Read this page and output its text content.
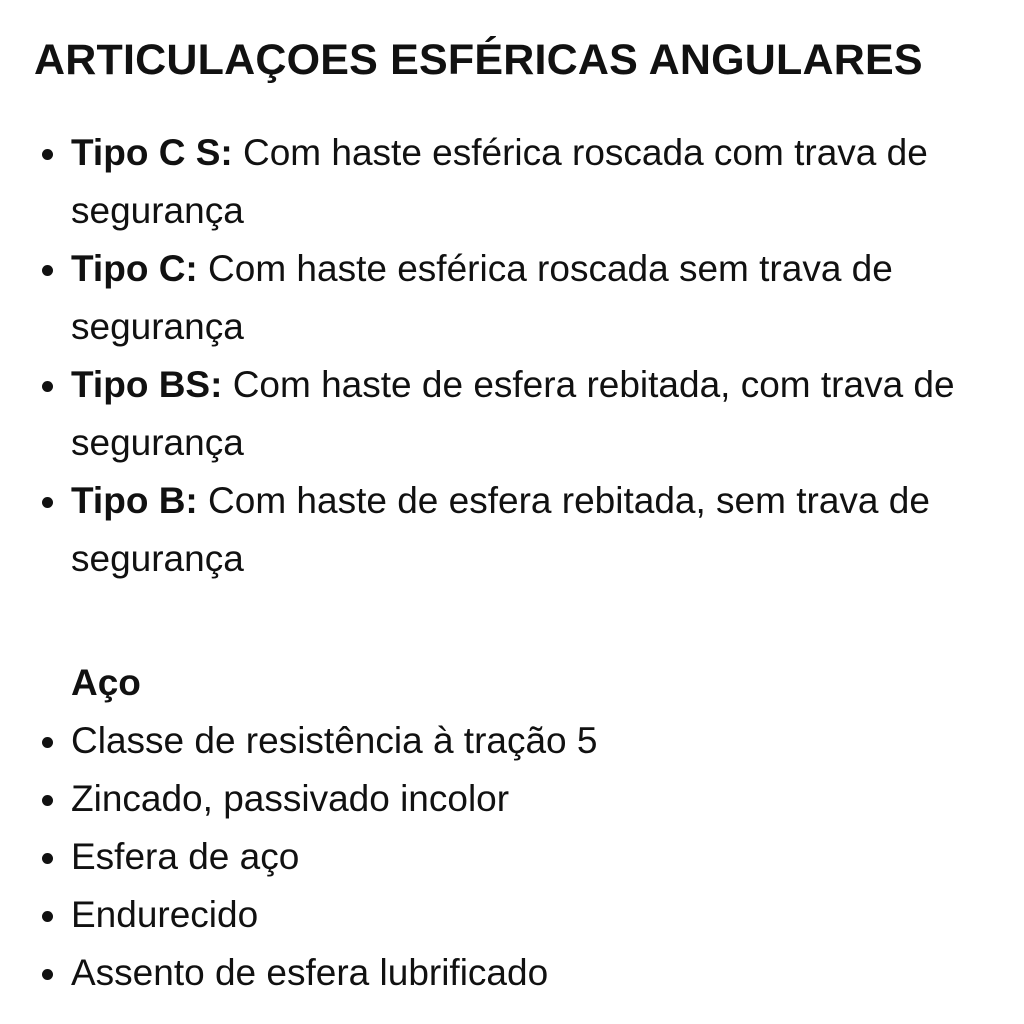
ARTICULAÇOES ESFÉRICAS ANGULARES
Tipo C S: Com haste esférica roscada com trava de segurança
Tipo C: Com haste esférica roscada sem trava de segurança
Tipo BS: Com haste de esfera rebitada, com trava de segurança
Tipo B: Com haste de esfera rebitada, sem trava de segurança
Aço
Classe de resistência à tração 5
Zincado, passivado incolor
Esfera de aço
Endurecido
Assento de esfera lubrificado
